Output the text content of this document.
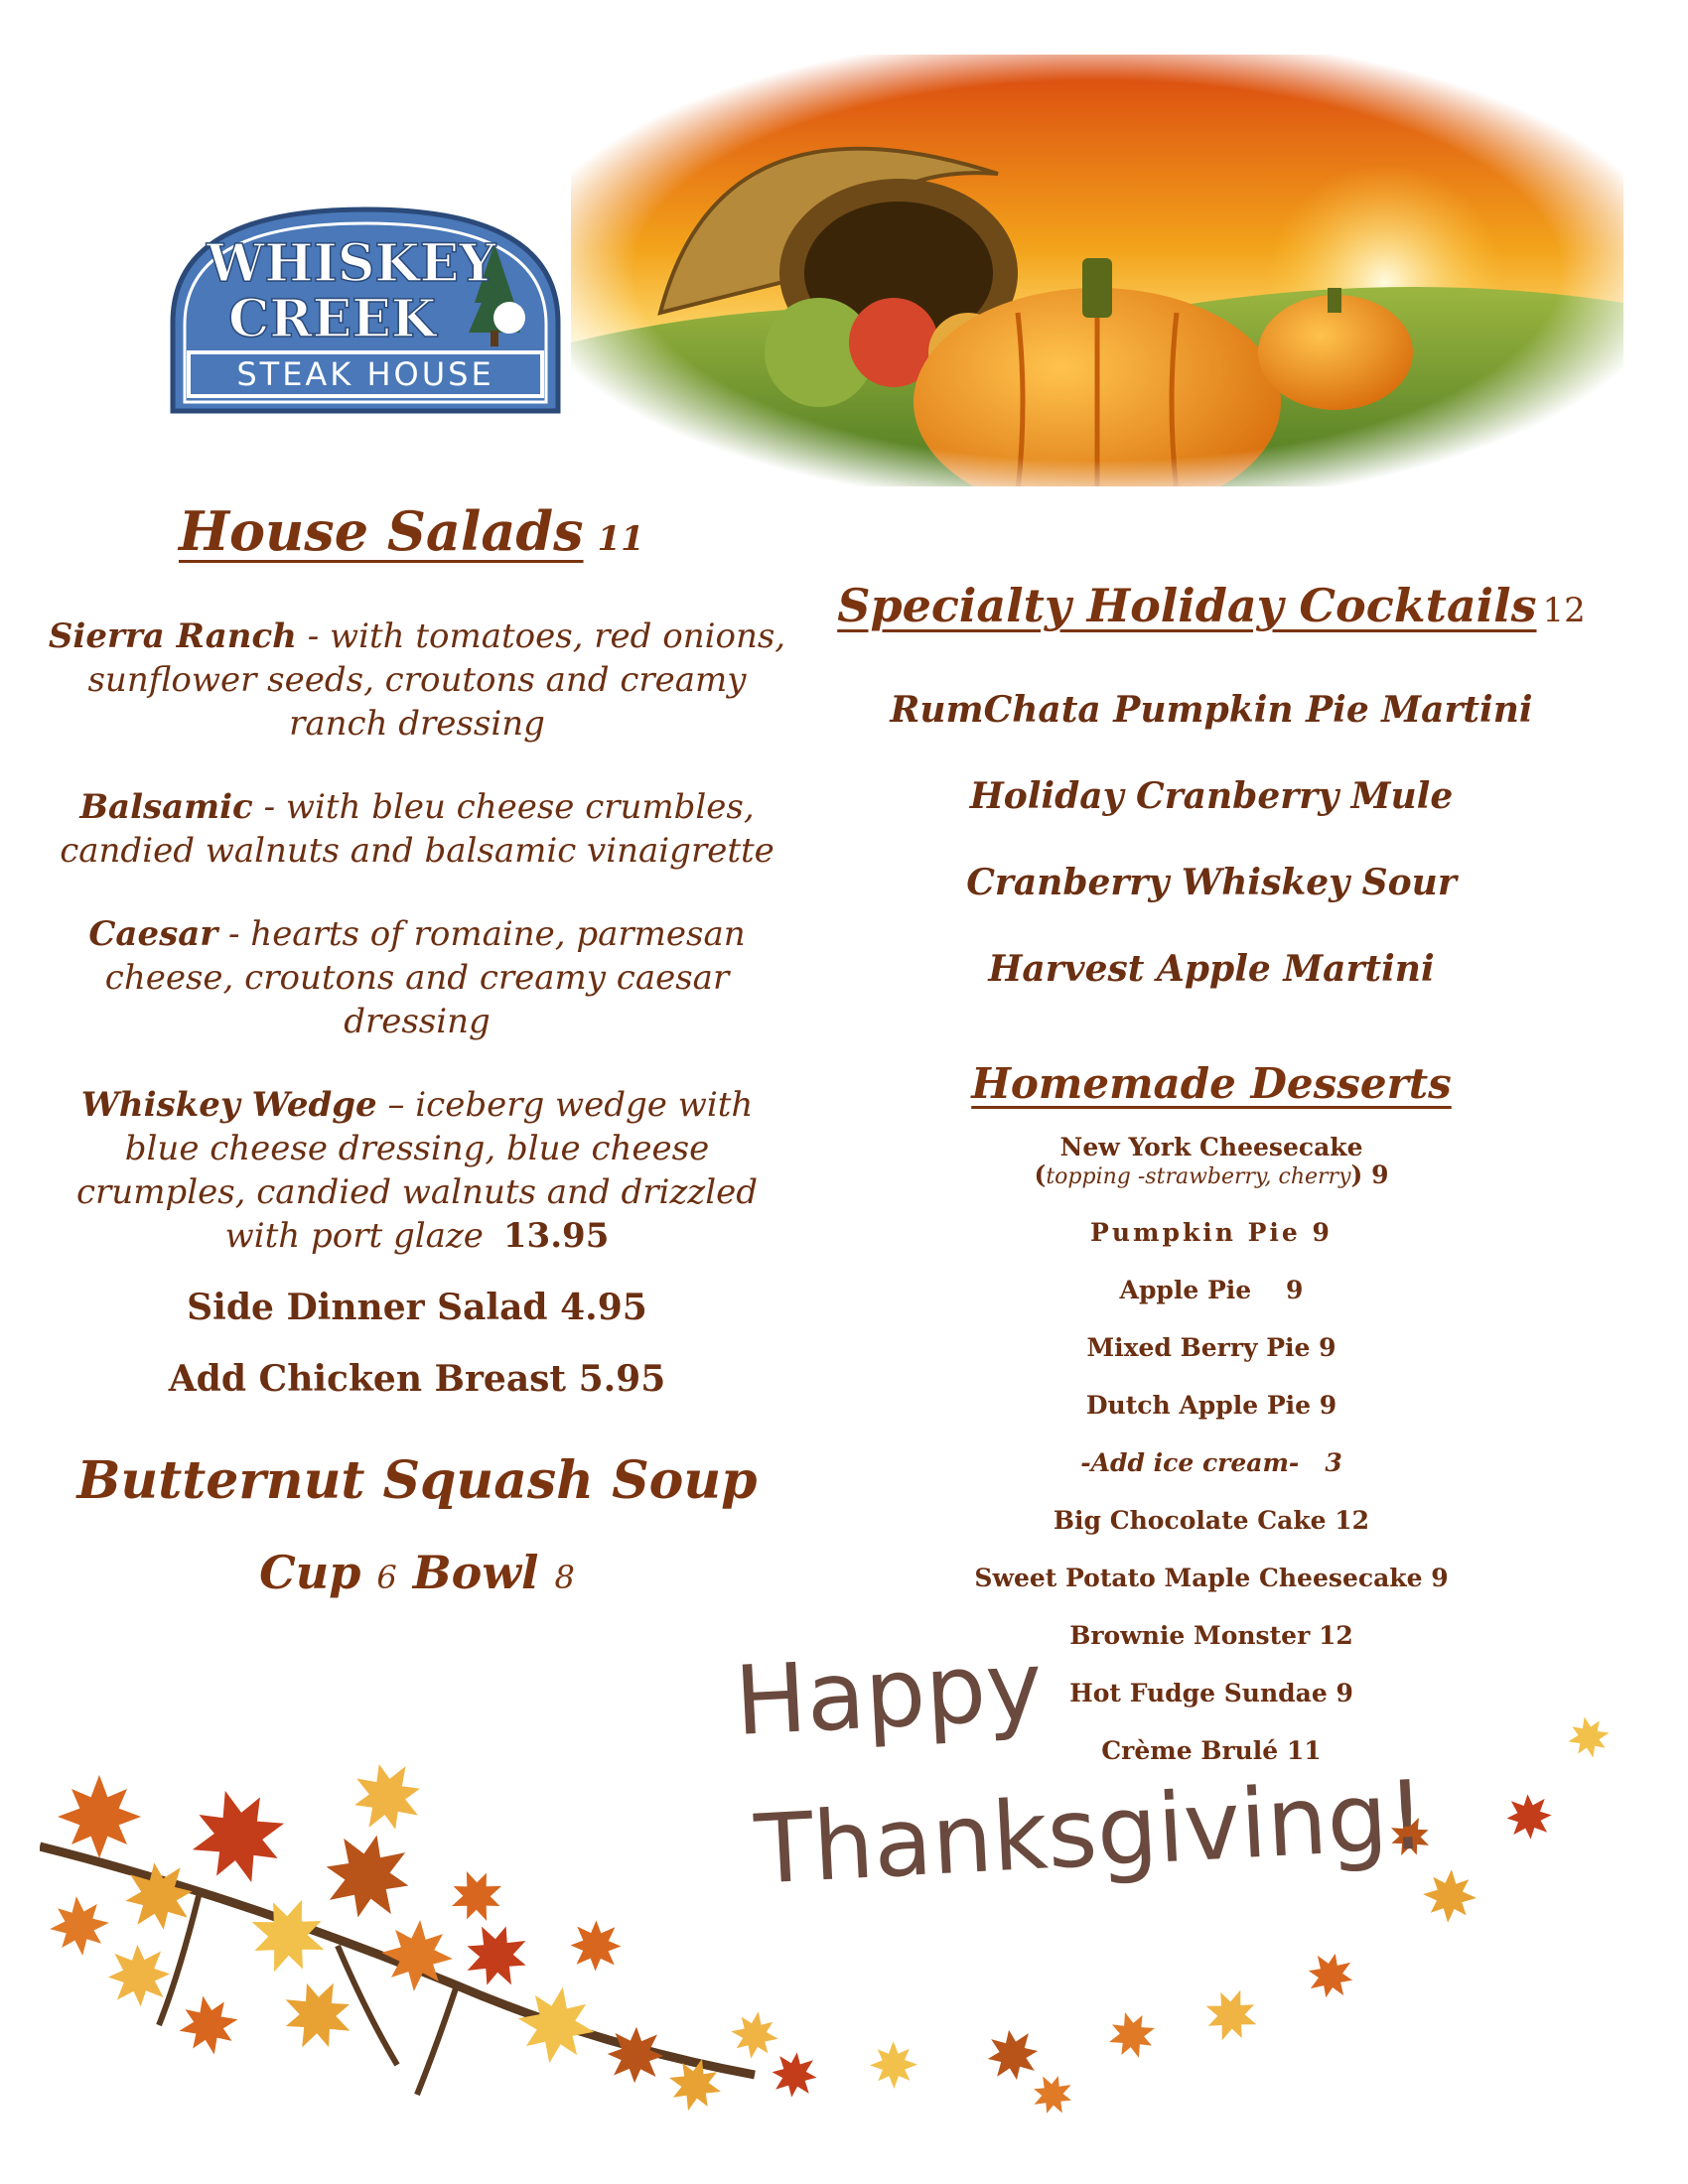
WHISKEY
CREEK
STEAK HOUSE
House Salads 11
Sierra Ranch - with tomatoes, red onions, sunflower seeds, croutons and creamy ranch dressing
Balsamic - with bleu cheese crumbles, candied walnuts and balsamic vinaigrette
Caesar - hearts of romaine, parmesan cheese, croutons and creamy caesar dressing
Whiskey Wedge – iceberg wedge with blue cheese dressing, blue cheese crumples, candied walnuts and drizzled with port glaze 13.95
Side Dinner Salad 4.95
Add Chicken Breast 5.95
Butternut Squash Soup
Cup 6 Bowl 8
Specialty Holiday Cocktails 12
RumChata Pumpkin Pie Martini
Holiday Cranberry Mule
Cranberry Whiskey Sour
Harvest Apple Martini
Homemade Desserts
New York Cheesecake
(topping -strawberry, cherry) 9
Pumpkin Pie 9
Apple Pie    9
Mixed Berry Pie 9
Dutch Apple Pie 9
-Add ice cream-   3
Big Chocolate Cake 12
Sweet Potato Maple Cheesecake 9
Brownie Monster 12
Hot Fudge Sundae 9
Crème Brulé 11
Happy
Thanksgiving!
